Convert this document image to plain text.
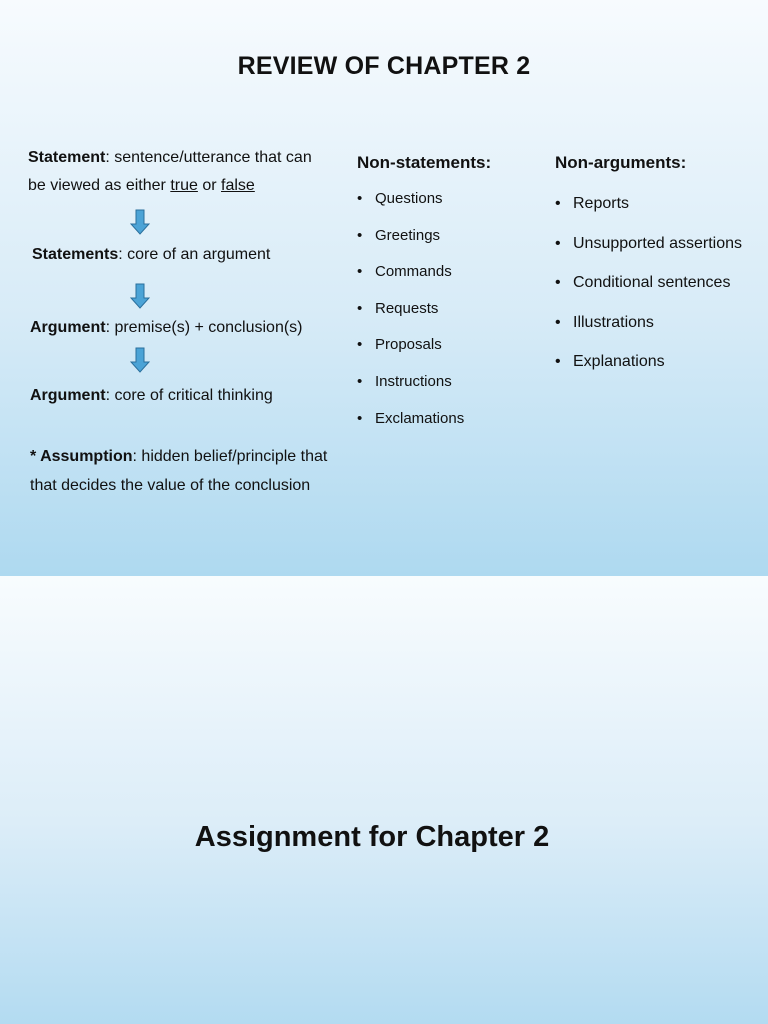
REVIEW OF CHAPTER 2
Statement: sentence/utterance that can
be viewed as either true or false
Statements: core of an argument
Argument: premise(s) + conclusion(s)
Argument: core of critical thinking
* Assumption: hidden belief/principle that
that decides the value of the conclusion
Non-statements:
• Questions
• Greetings
• Commands
• Requests
• Proposals
• Instructions
• Exclamations
Non-arguments:
• Reports
• Unsupported assertions
• Conditional sentences
• Illustrations
• Explanations
Assignment for Chapter 2
